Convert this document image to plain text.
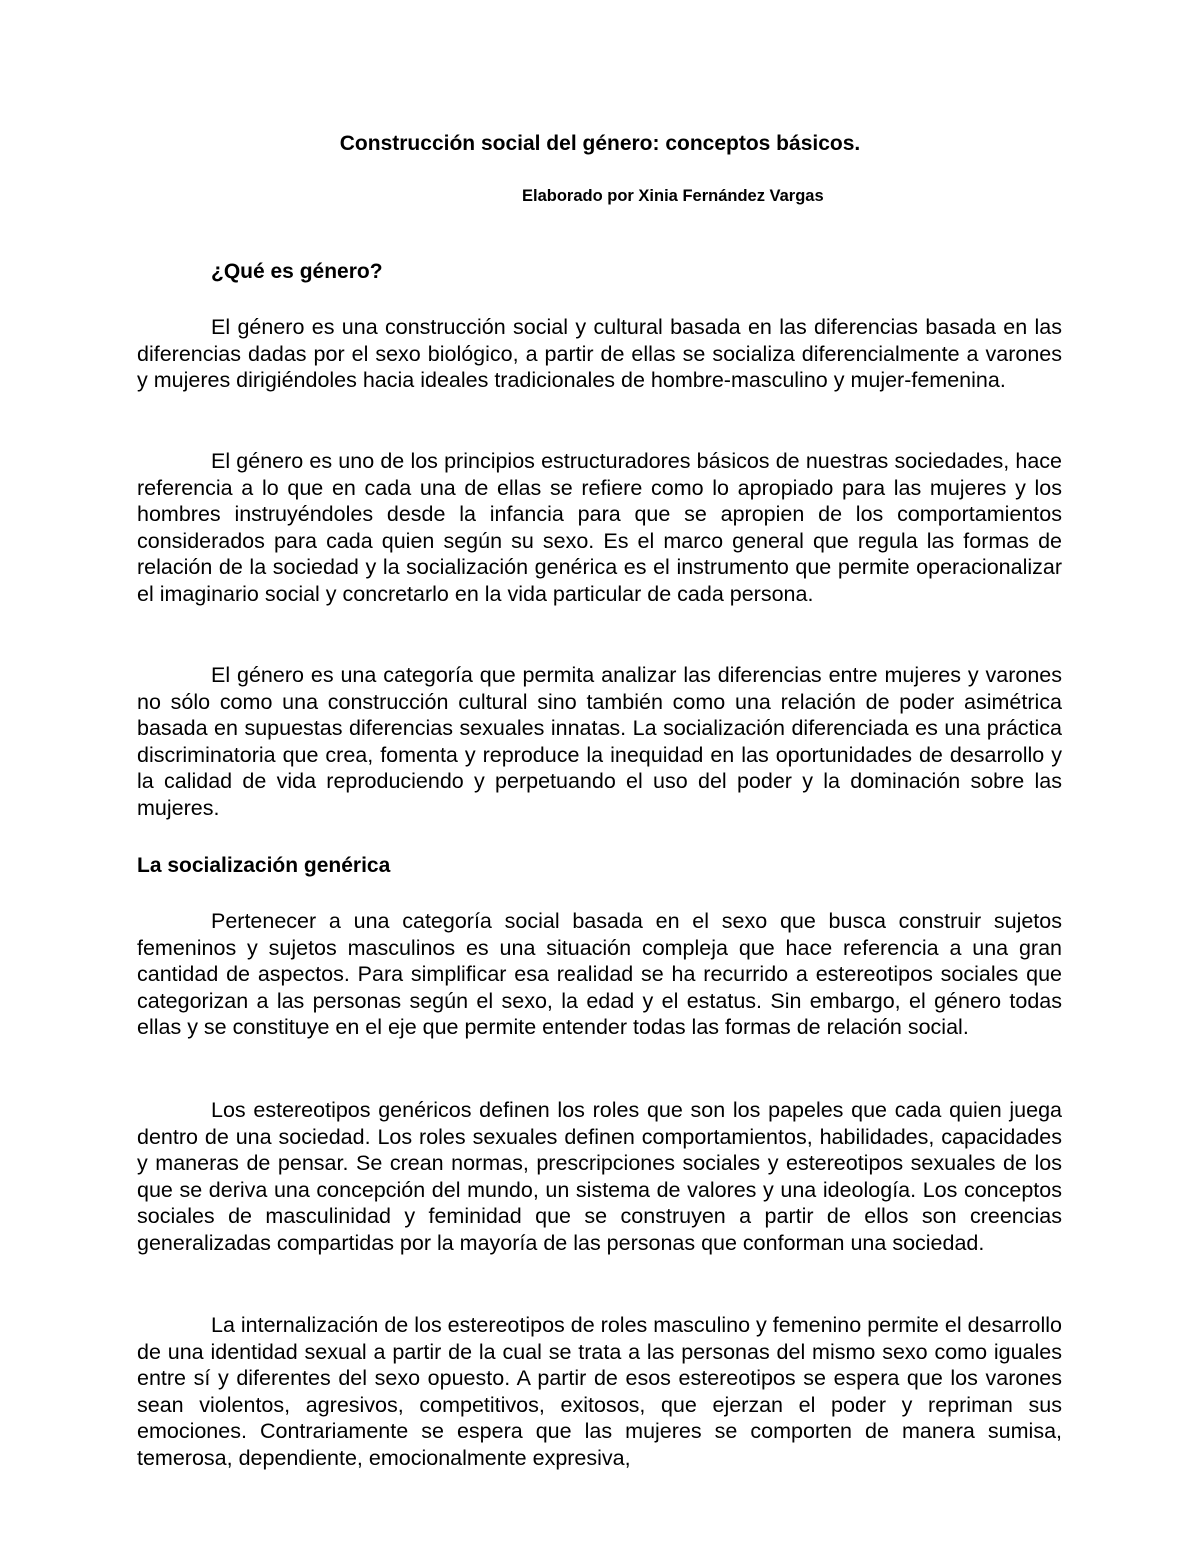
Construcción social del género: conceptos básicos.

Elaborado por Xinia Fernández Vargas

¿Qué es género?

El género es una construcción social y cultural basada en las diferencias basada en las diferencias dadas por el sexo biológico, a partir de ellas se socializa diferencialmente a varones y mujeres dirigiéndoles hacia ideales tradicionales de hombre-masculino y mujer-femenina.

El género es uno de los principios estructuradores básicos de nuestras sociedades, hace referencia a lo que en cada una de ellas se refiere como lo apropiado para las mujeres y los hombres instruyéndoles desde la infancia para que se apropien de los comportamientos considerados para cada quien según su sexo. Es el marco general que regula las formas de relación de la sociedad y la socialización genérica es el instrumento que permite operacionalizar el imaginario social y concretarlo en la vida particular de cada persona.

El género es una categoría que permita analizar las diferencias entre mujeres y varones no sólo como una construcción cultural sino también como una relación de poder asimétrica basada en supuestas diferencias sexuales innatas. La socialización diferenciada es una práctica discriminatoria que crea, fomenta y reproduce la inequidad en las oportunidades de desarrollo y la calidad de vida reproduciendo y perpetuando el uso del poder y la dominación sobre las mujeres.

La socialización genérica

Pertenecer a una categoría social basada en el sexo que busca construir sujetos femeninos y sujetos masculinos es una situación compleja que hace referencia a una gran cantidad de aspectos. Para simplificar esa realidad se ha recurrido a estereotipos sociales que categorizan a las personas según el sexo, la edad y el estatus. Sin embargo, el género todas ellas y se constituye en el eje que permite entender todas las formas de relación social.

Los estereotipos genéricos definen los roles que son los papeles que cada quien juega dentro de una sociedad. Los roles sexuales definen comportamientos, habilidades, capacidades y maneras de pensar. Se crean normas, prescripciones sociales y estereotipos sexuales de los que se deriva una concepción del mundo, un sistema de valores y una ideología. Los conceptos sociales de masculinidad y feminidad que se construyen a partir de ellos son creencias generalizadas compartidas por la mayoría de las personas que conforman una sociedad.

La internalización de los estereotipos de roles masculino y femenino permite el desarrollo de una identidad sexual a partir de la cual se trata a las personas del mismo sexo como iguales entre sí y diferentes del sexo opuesto. A partir de esos estereotipos se espera que los varones sean violentos, agresivos, competitivos, exitosos, que ejerzan el poder y repriman sus emociones. Contrariamente se espera que las mujeres se comporten de manera sumisa, temerosa, dependiente, emocionalmente expresiva,
